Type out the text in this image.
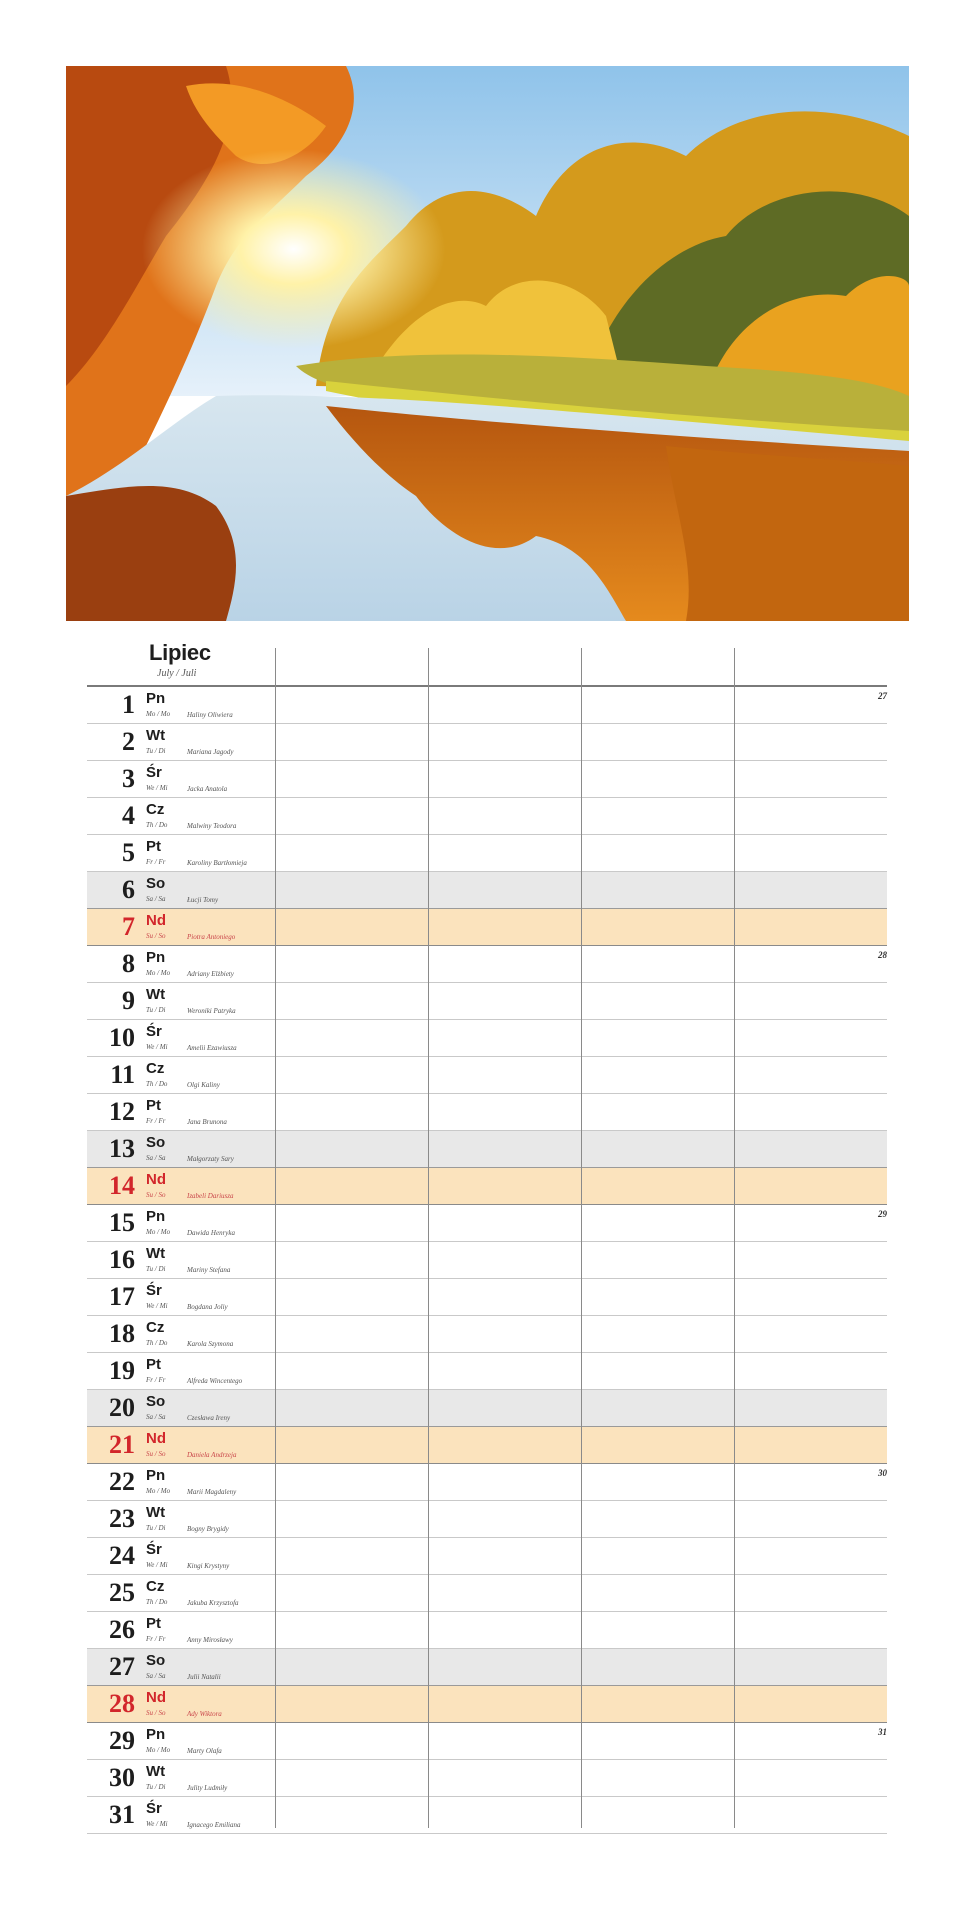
Lipiec
July / Juli
1 Pn
Mo / Mo Haliny Oliwiera
27
2 Wt
Tu / Di	Mariana Jagody
3 Śr
We / Mi	Jacka Anatola
4 Cz
Th / Do	Malwiny Teodora
5 Pt
Fr / Fr	Karoliny Bartłomieja
6 So
Sa / Sa	Łucji Tomy
7 Nd
Su / So	Piotra Antoniego
8 Pn
Mo / Mo Adriany Elżbiety
28
9 Wt
Tu / Di	Weroniki Patryka
10 Śr
We / Mi	Amelii Ezawiusza
11 Cz
Th / Do	Olgi Kaliny
12 Pt
Fr / Fr	Jana Brunona
13 So
Sa / Sa	Małgorzaty Sary
14 Nd
Su / So	Izabeli Dariusza
15 Pn
Mo / Mo Dawida Henryka
29
16 Wt
Tu / Di	Mariny Stefana
17 Śr
We / Mi	Bogdana Joliy
18 Cz
Th / Do	Karola Szymona
19 Pt
Fr / Fr	Alfreda Wincentego
20 So
Sa / Sa	Czesława Ireny
21 Nd
Su / So	Daniela Andrzeja
22 Pn
Mo / Mo Marii Magdaleny
30
23 Wt
Tu / Di	Bogny Brygidy
24 Śr
We / Mi	Kingi Krystyny
25 Cz
Th / Do	Jakuba Krzysztofa
26 Pt
Fr / Fr	Anny Mirosławy
27 So
Sa / Sa	Julii Natalii
28 Nd
Su / So	Ady Wiktora
29 Pn
Mo / Mo Marty Olafa
31
30 Wt
Tu / Di	Julity Ludmiły
31 Śr
We / Mi	Ignacego Emiliana
